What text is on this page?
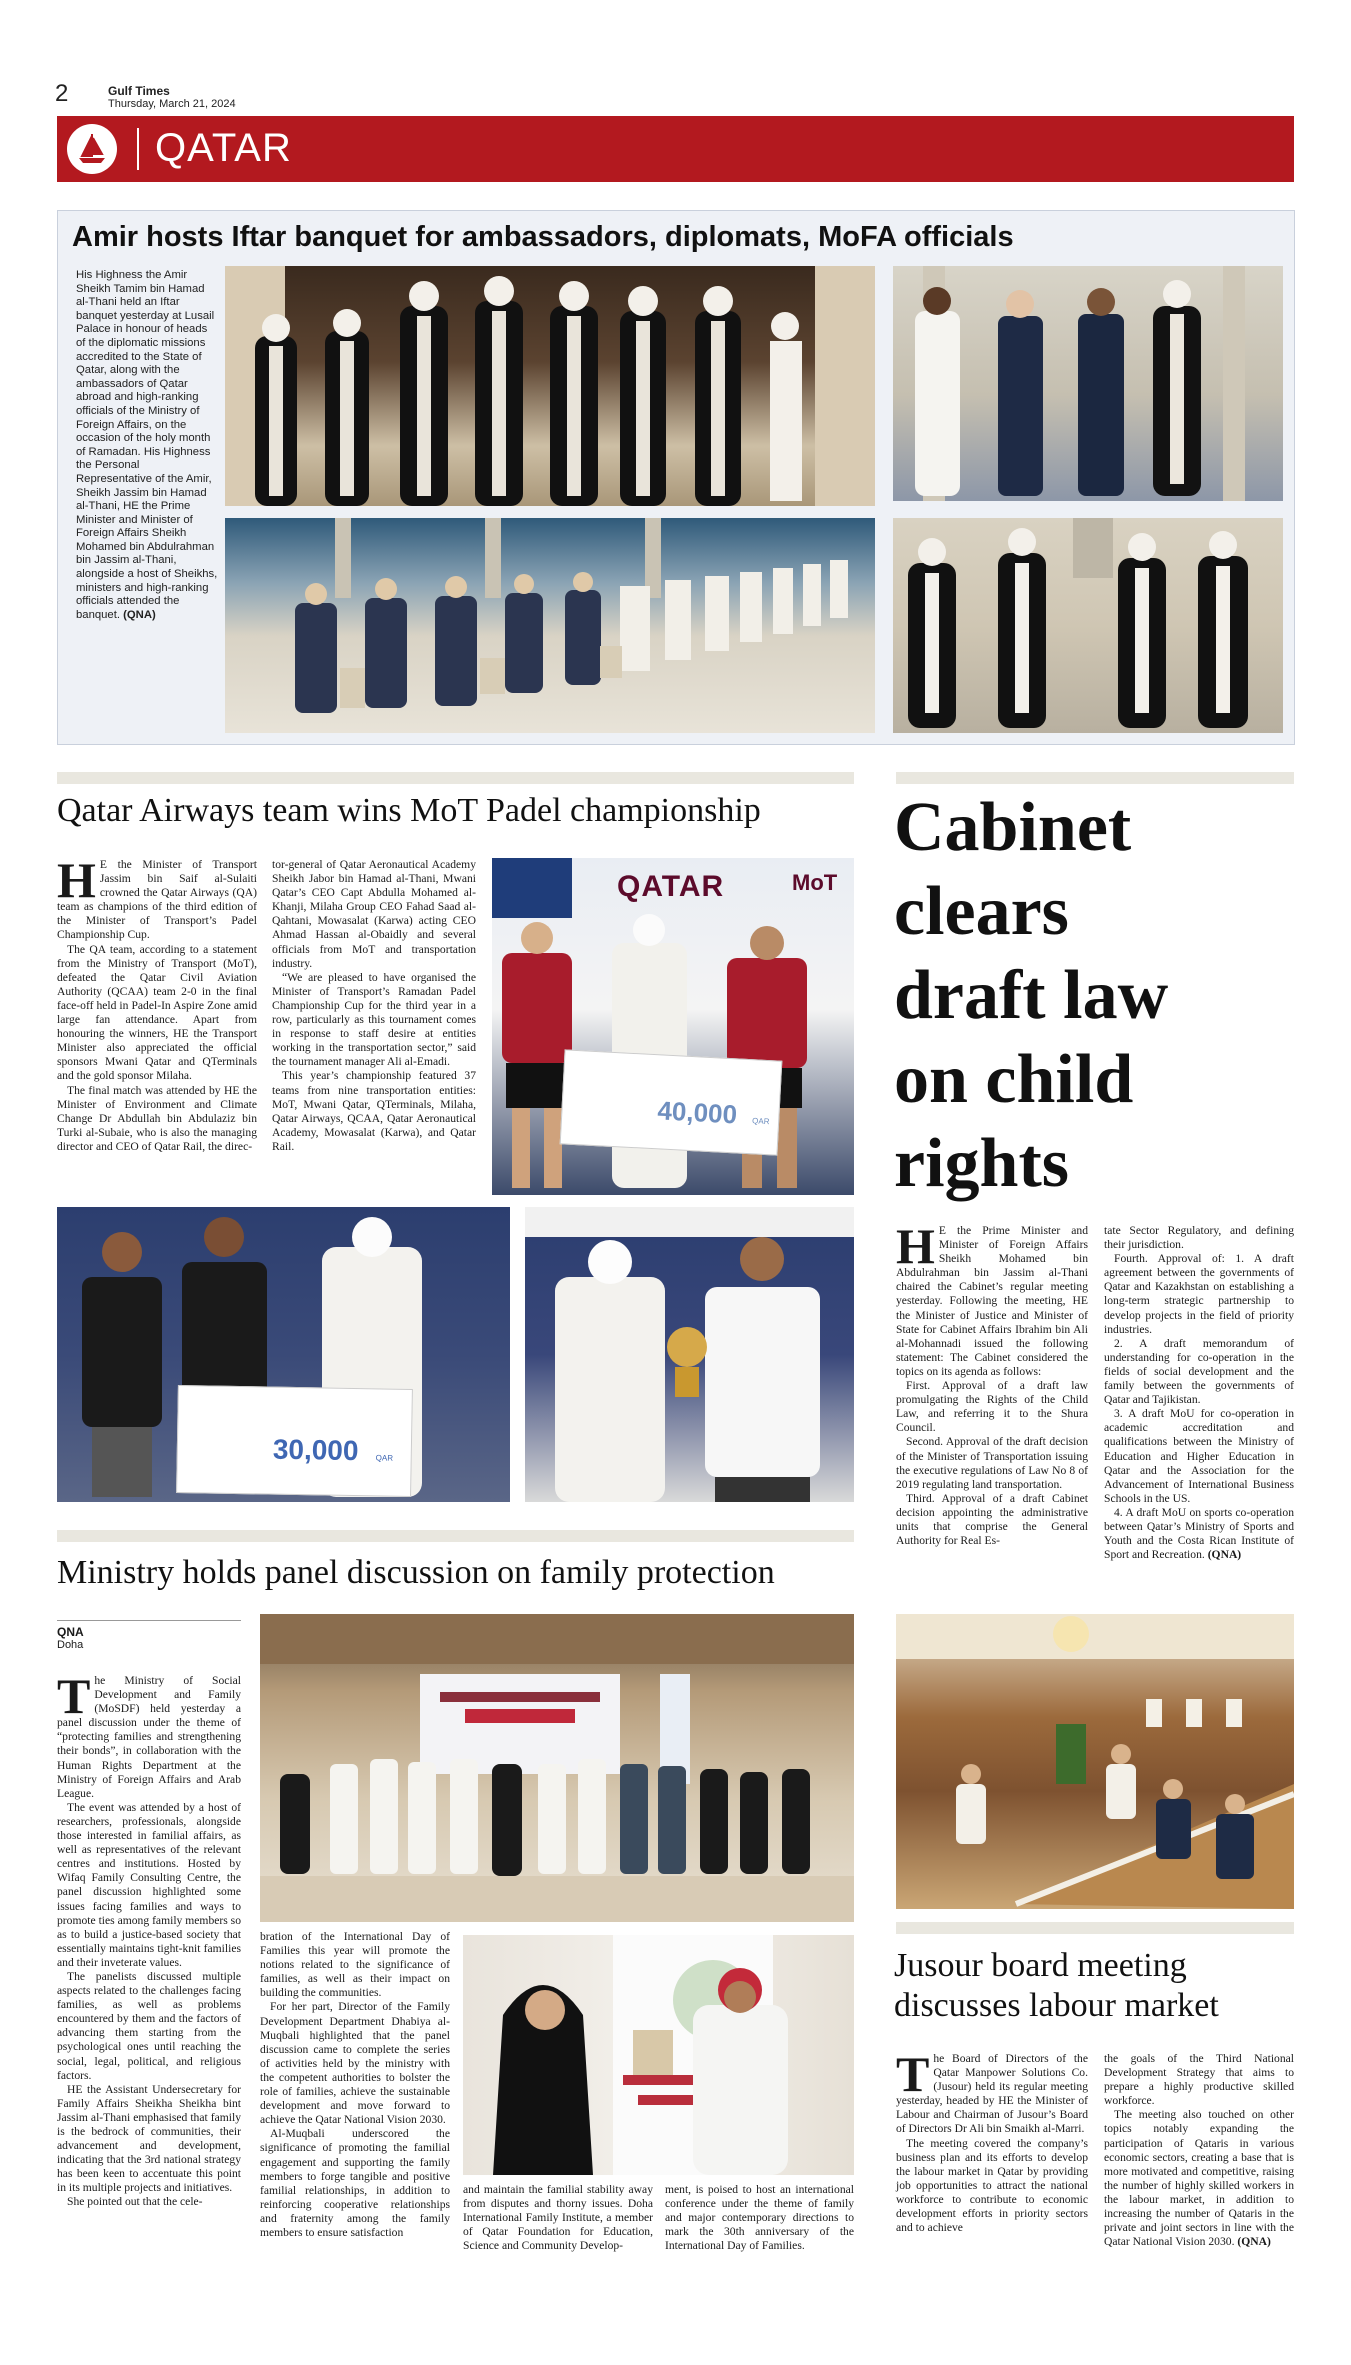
2	Gulf Times
Thursday, March 21, 2024
QATAR
Amir hosts Iftar banquet for ambassadors, diplomats, MoFA officials
His Highness the Amir Sheikh Tamim bin Hamad al-Thani held an Iftar banquet yesterday at Lusail Palace in honour of heads of the diplomatic missions accredited to the State of Qatar, along with the ambassadors of Qatar abroad and high-ranking officials of the Ministry of Foreign Affairs, on the occasion of the holy month of Ramadan. His Highness the Personal Representative of the Amir, Sheikh Jassim bin Hamad al-Thani, HE the Prime Minister and Minister of Foreign Affairs Sheikh Mohamed bin Abdulrahman bin Jassim al-Thani, alongside a host of Sheikhs, ministers and high-ranking officials attended the banquet. (QNA)
Qatar Airways team wins MoT Padel championship

H E the Minister of Transport Jassim bin Saif al-Sulaiti crowned the Qatar Airways (QA) team as champions of the third edition of the Minister of Transport’s Padel Championship Cup.

The QA team, according to a statement from the Ministry of Transport (MoT), defeated the Qatar Civil Aviation Authority (QCAA) team 2-0 in the final face-off held in Padel-In Aspire Zone amid large fan attendance. Apart from honouring the winners, HE the Transport Minister also appreciated the official sponsors Mwani Qatar and QTerminals and the gold sponsor Milaha.

The final match was attended by HE the Minister of Environment and Climate Change Dr Abdullah bin Abdulaziz bin Turki al-Subaie, who is also the managing director and CEO of Qatar Rail, the direc-

tor-general of Qatar Aeronautical Academy Sheikh Jabor bin Hamad al-Thani, Mwani Qatar’s CEO Capt Abdulla Mohamed al-Khanji, Milaha Group CEO Fahad Saad al-Qahtani, Mowasalat (Karwa) acting CEO Ahmad Hassan al-Obaidly and several officials from MoT and transportation industry.

“We are pleased to have organised the Minister of Transport’s Ramadan Padel Championship Cup for the third year in a row, particularly as this tournament comes in response to staff desire at entities working in the transportation sector,” said the tournament manager Ali al-Emadi.

This year’s championship featured 37 teams from nine transportation entities: MoT, Mwani Qatar, QTerminals, Milaha, Qatar Airways, QCAA, Qatar Aeronautical Academy, Mowasalat (Karwa), and Qatar Rail.

QATAR	MoT
40,000 QAR
30,000 QAR
Cabinet
clears
draft law
on child
rights

H E the Prime Minister and Minister of Foreign Affairs Sheikh Mohamed bin Abdulrahman bin Jassim al-Thani chaired the Cabinet’s regular meeting yesterday. Following the meeting, HE the Minister of Justice and Minister of State for Cabinet Affairs Ibrahim bin Ali al-Mohannadi issued the following statement: The Cabinet considered the topics on its agenda as follows:

First. Approval of a draft law promulgating the Rights of the Child Law, and referring it to the Shura Council.

Second. Approval of the draft decision of the Minister of Transportation issuing the executive regulations of Law No 8 of 2019 regulating land transportation.

Third. Approval of a draft Cabinet decision appointing the administrative units that comprise the General Authority for Real Es-

tate Sector Regulatory, and defining their jurisdiction.

Fourth. Approval of: 1. A draft agreement between the governments of Qatar and Kazakhstan on establishing a long-term strategic partnership to develop projects in the field of priority industries.

2. A draft memorandum of understanding for co-operation in the fields of social development and the family between the governments of Qatar and Tajikistan.

3. A draft MoU for co-operation in academic accreditation and qualifications between the Ministry of Education and Higher Education in Qatar and the Association for the Advancement of International Business Schools in the US.

4. A draft MoU on sports co-operation between Qatar’s Ministry of Sports and Youth and the Costa Rican Institute of Sport and Recreation. (QNA)

Ministry holds panel discussion on family protection
QNA
Doha

The Ministry of Social Development and Family (MoSDF) held yesterday a panel discussion under the theme of “protecting families and strengthening their bonds”, in collaboration with the Human Rights Department at the Ministry of Foreign Affairs and Arab League.

The event was attended by a host of researchers, professionals, alongside those interested in familial affairs, as well as representatives of the relevant centres and institutions. Hosted by Wifaq Family Consulting Centre, the panel discussion highlighted some issues facing families and ways to promote ties among family members so as to build a justice-based society that essentially maintains tight-knit families and their inveterate values.

The panelists discussed multiple aspects related to the challenges facing families, as well as problems encountered by them and the factors of advancing them starting from the psychological ones until reaching the social, legal, political, and religious factors.

HE the Assistant Undersecretary for Family Affairs Sheikha Sheikha bint Jassim al-Thani emphasised that family is the bedrock of communities, their advancement and development, indicating that the 3rd national strategy has been keen to accentuate this point in its multiple projects and initiatives.

She pointed out that the cele-

bration of the International Day of Families this year will promote the notions related to the significance of families, as well as their impact on building the communities.

For her part, Director of the Family Development Department Dhabiya al-Muqbali highlighted that the panel discussion came to complete the series of activities held by the ministry with the competent authorities to bolster the role of families, achieve the sustainable development and move forward to achieve the Qatar National Vision 2030.

Al-Muqbali underscored the significance of promoting the familial engagement and supporting the family members to forge tangible and positive familial relationships, in addition to reinforcing cooperative relationships and fraternity among the family members to ensure satisfaction

and maintain the familial stability away from disputes and thorny issues. Doha International Family Institute, a member of Qatar Foundation for Education, Science and Community Develop-

ment, is poised to host an international conference under the theme of family and major contemporary directions to mark the 30th anniversary of the International Day of Families.

Jusour board meeting
discusses labour market

The Board of Directors of the Qatar Manpower Solutions Co. (Jusour) held its regular meeting yesterday, headed by HE the Minister of Labour and Chairman of Jusour’s Board of Directors Dr Ali bin Smaikh al-Marri.

The meeting covered the company’s business plan and its efforts to develop the labour market in Qatar by providing job opportunities to attract the national workforce to contribute to economic development efforts in priority sectors and to achieve

the goals of the Third National Development Strategy that aims to prepare a highly productive skilled workforce.

The meeting also touched on other topics notably expanding the participation of Qataris in various economic sectors, creating a base that is more motivated and competitive, raising the number of highly skilled workers in the labour market, in addition to increasing the number of Qataris in the private and joint sectors in line with the Qatar National Vision 2030. (QNA)
